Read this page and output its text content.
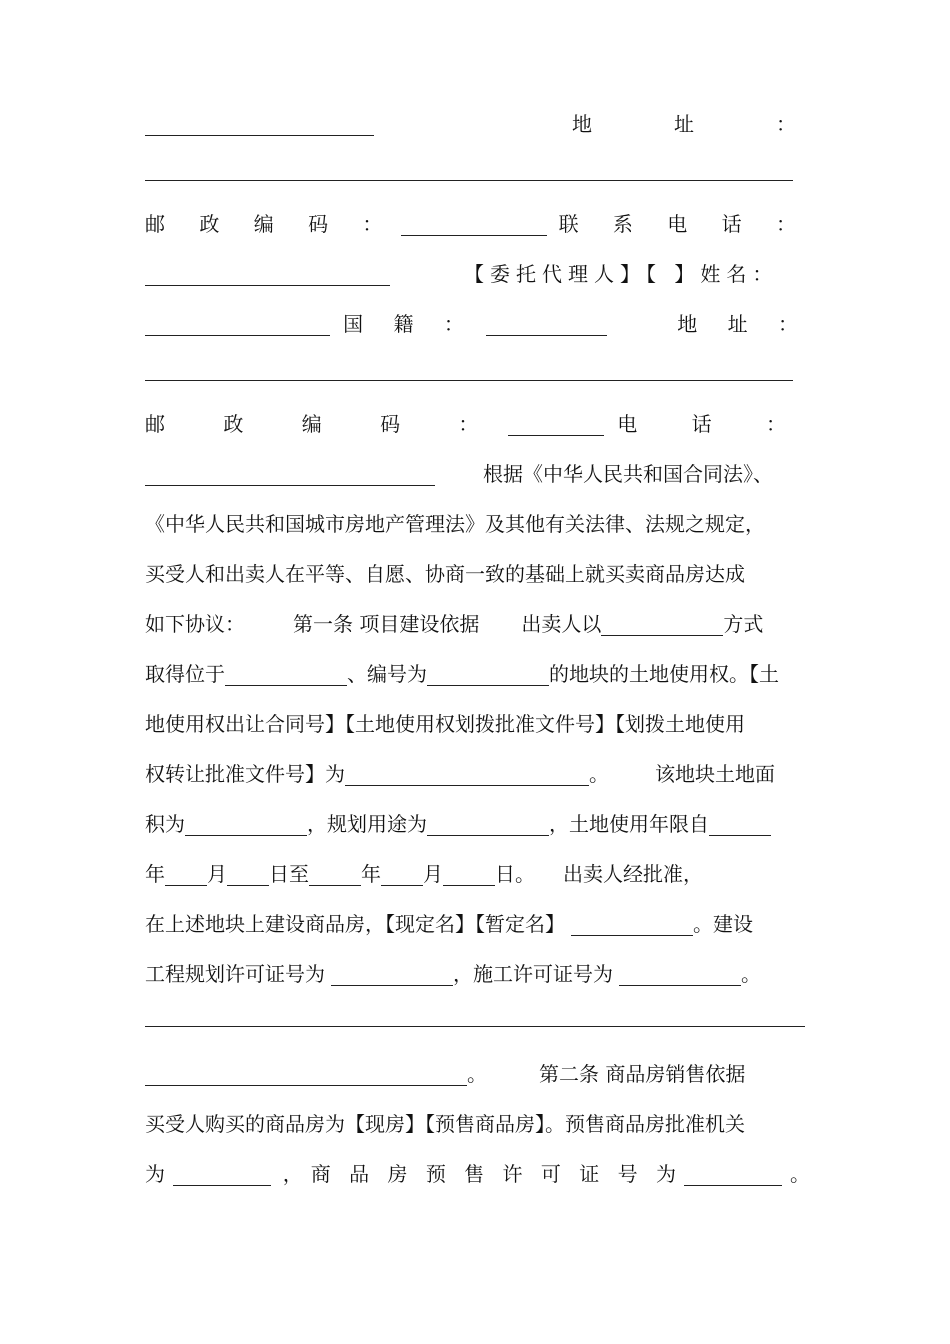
地　　址　　：
邮 政 编 码 ：	联 系 电 话 ：
【委托代理人】【 】姓名：
国 籍 ：	地 址 ：
邮 政 编 码 ：	电 话 ：
根据《中华人民共和国合同法》、
《中华人民共和国城市房地产管理法》及其他有关法律、法规之规定，
买受人和出卖人在平等、自愿、协商一致的基础上就买卖商品房达成
如下协议： 第一条 项目建设依据 出卖人以	方式
取得位于	、编号为	的地块的土地使用权。【土
地使用权出让合同号】【土地使用权划拨批准文件号】【划拨土地使用
权转让批准文件号】为	。 该地块土地面
积为	，规划用途为	，土地使用年限自
年 月 日至	年 月	日。 出卖人经批准，
在上述地块上建设商品房，【现定名】【暂定名】	。建设
工程规划许可证号为	，施工许可证号为	。
。	第二条 商品房销售依据
买受人购买的商品房为【现房】【预售商品房】。预售商品房批准机关
为	， 商 品 房 预 售 许 可 证 号 为	。
